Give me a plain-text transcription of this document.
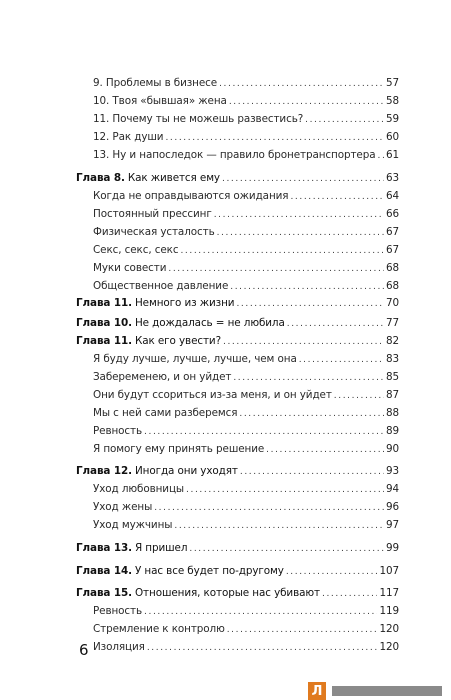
9. Проблемы в бизнесе .....	57
10. Твоя «бывшая» жена .....	58
11. Почему ты не можешь развестись? .....	59
12. Рак души .....	60
13. Ну и напоследок — правило бронетранспортера ..... 61
Глава 8. Как живется ему .....	63
Когда не оправдываются ожидания .....	64
Постоянный прессинг .....	66
Физическая усталость .....	67
Секс, секс, секс .....	67
Муки совести .....	68
Общественное давление .....	68
Глава 11. Немного из жизни .....	70
Глава 10. Не дождалась = не любила .....	77
Глава 11. Как его увести? .....	82
Я буду лучше, лучше, лучше, чем она .....	83
Забеременею, и он уйдет .....	85
Они будут ссориться из-за меня, и он уйдет .....	87
Мы с ней сами разберемся .....	88
Ревность .....	89
Я помогу ему принять решение .....	90
Глава 12. Иногда они уходят .....	93
Уход любовницы .....	94
Уход жены .....	96
Уход мужчины .....	97
Глава 13. Я пришел .....	99
Глава 14. У нас все будет по-другому .....	107
Глава 15. Отношения, которые нас убивают .....	117
Ревность .....	119
Стремление к контролю .....	120
Изоляция .....	120
6
Л
